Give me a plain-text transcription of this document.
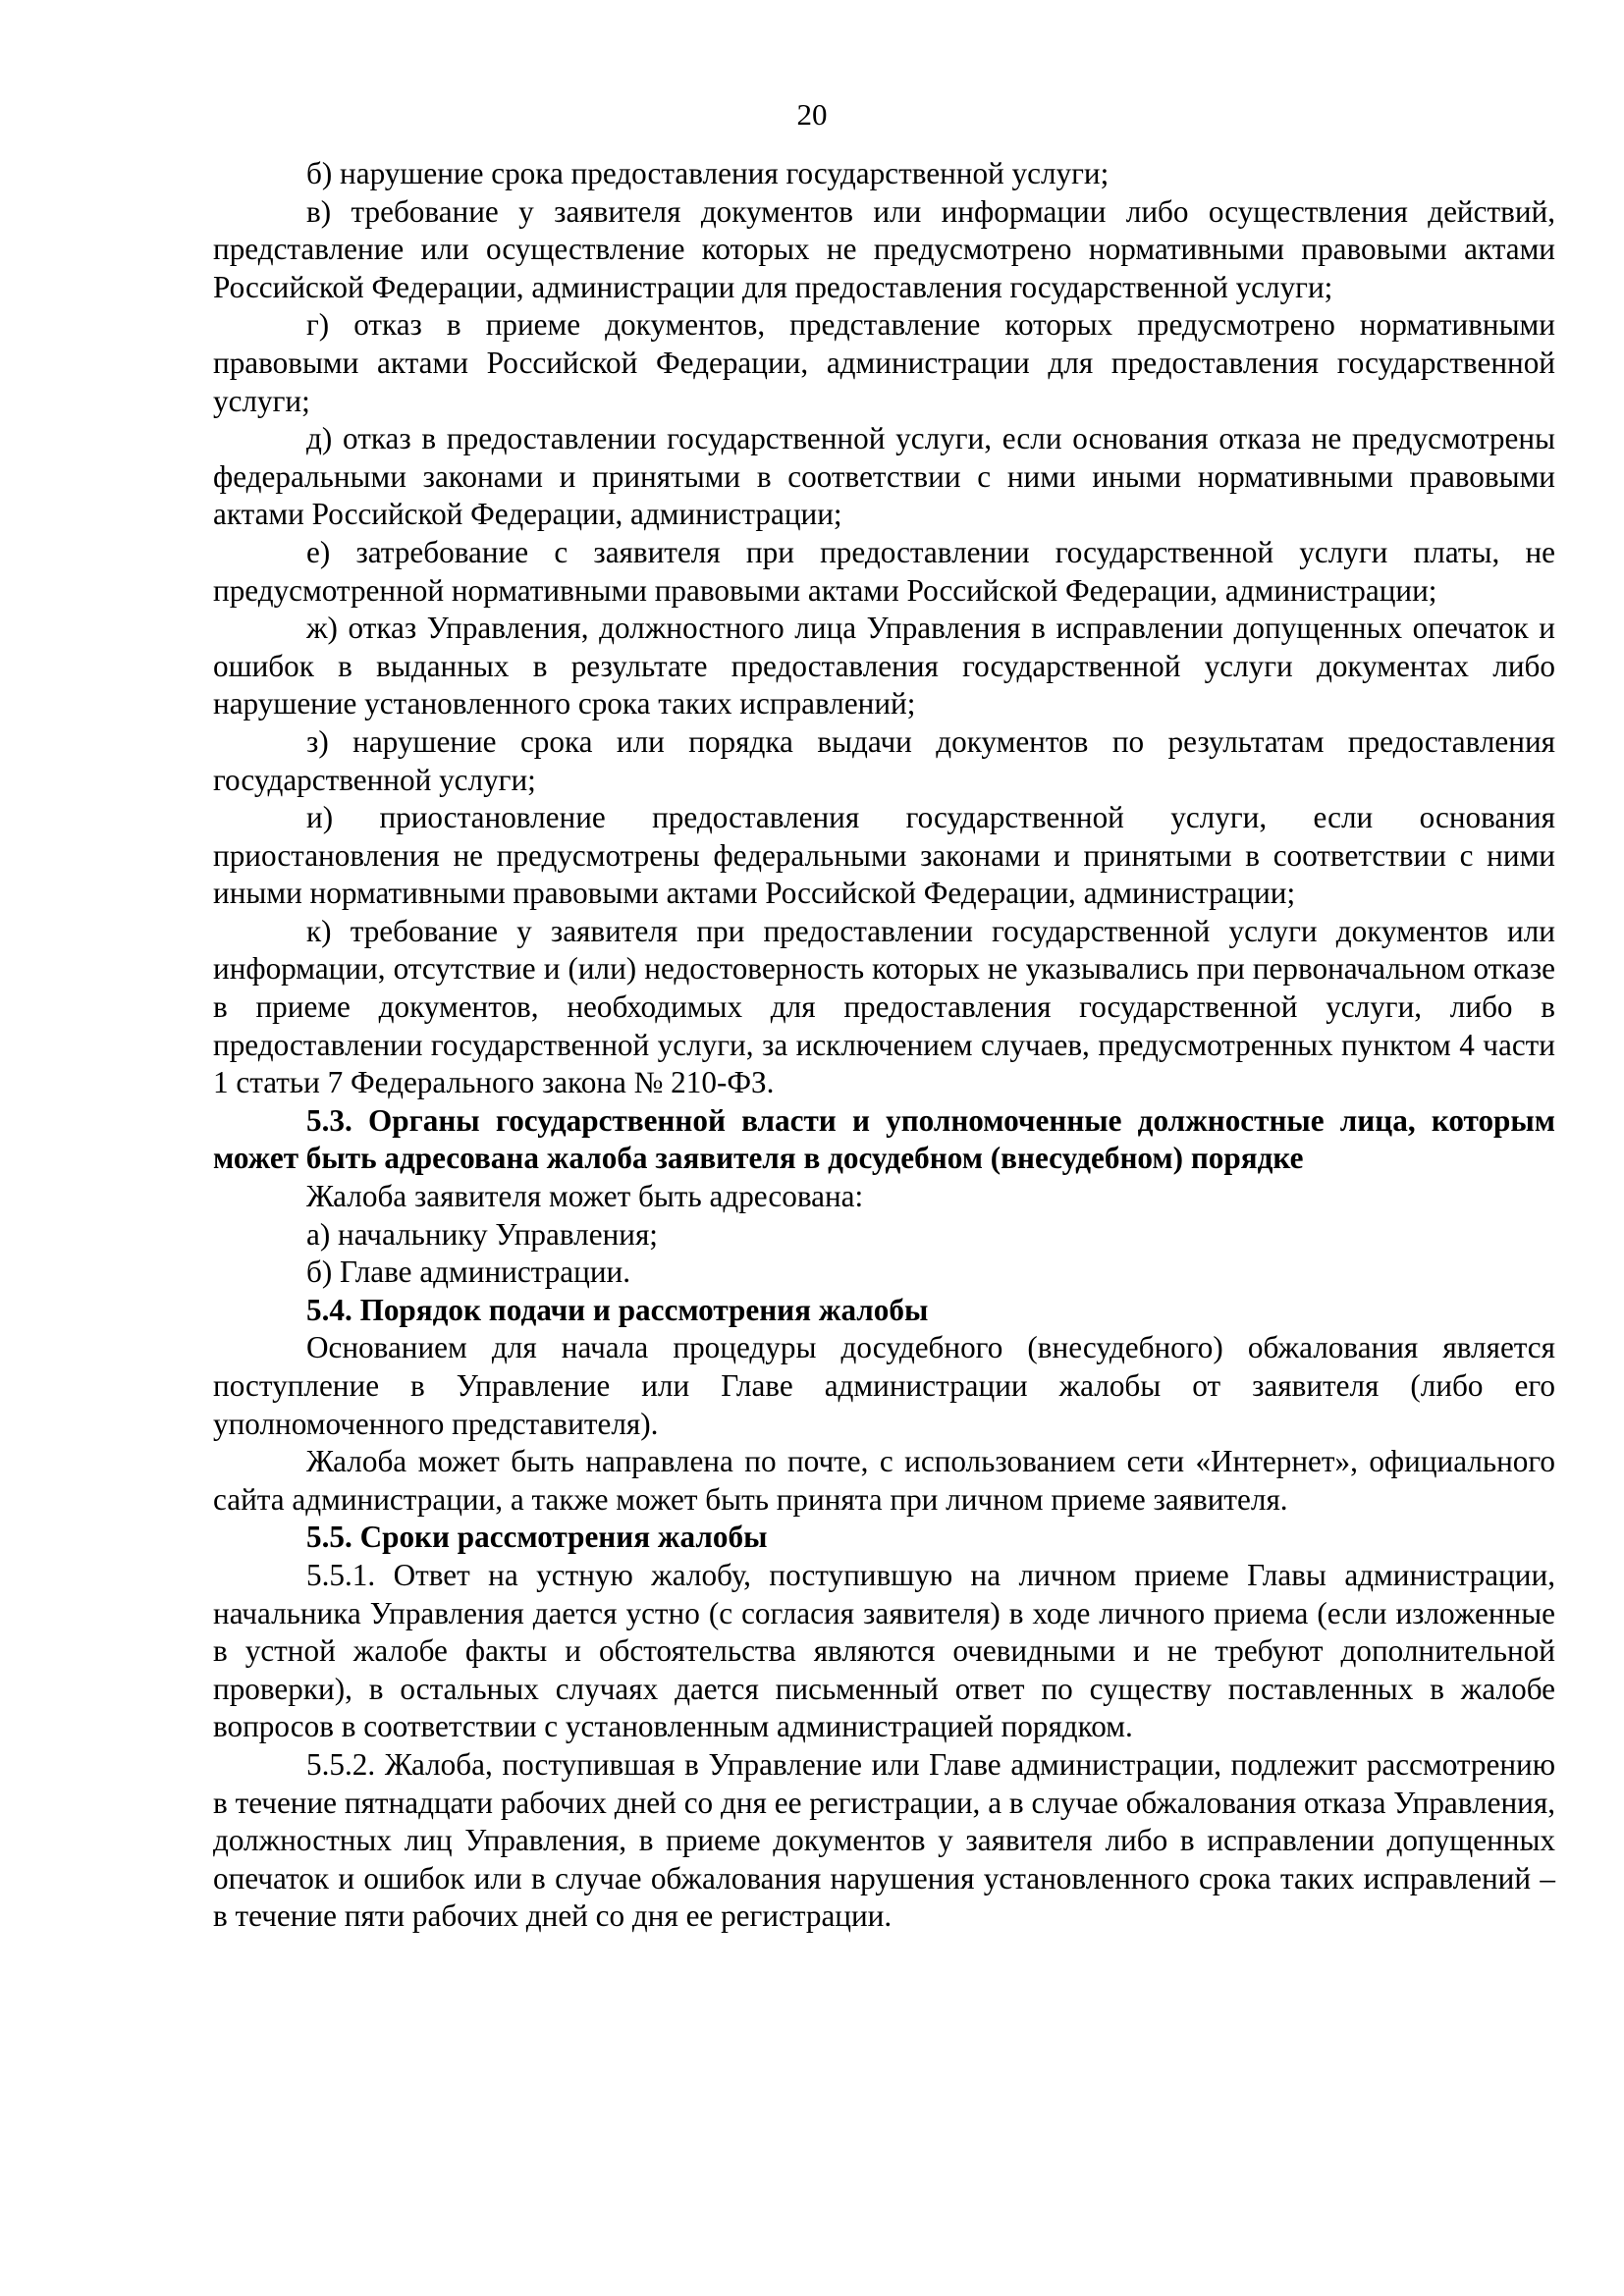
20

б) нарушение срока предоставления государственной услуги;

в) требование у заявителя документов или информации либо осуществления действий, представление или осуществление которых не предусмотрено нормативными правовыми актами Российской Федерации, администрации для предоставления государственной услуги;

г) отказ в приеме документов, представление которых предусмотрено нормативными правовыми актами Российской Федерации, администрации для предоставления государственной услуги;

д) отказ в предоставлении государственной услуги, если основания отказа не предусмотрены федеральными законами и принятыми в соответствии с ними иными нормативными правовыми актами Российской Федерации, администрации;

е) затребование с заявителя при предоставлении государственной услуги платы, не предусмотренной нормативными правовыми актами Российской Федерации, администрации;

ж) отказ Управления, должностного лица Управления в исправлении допущенных опечаток и ошибок в выданных в результате предоставления государственной услуги документах либо нарушение установленного срока таких исправлений;

з) нарушение срока или порядка выдачи документов по результатам предоставления государственной услуги;

и) приостановление предоставления государственной услуги, если основания приостановления не предусмотрены федеральными законами и принятыми в соответствии с ними иными нормативными правовыми актами Российской Федерации, администрации;

к) требование у заявителя при предоставлении государственной услуги документов или информации, отсутствие и (или) недостоверность которых не указывались при первоначальном отказе в приеме документов, необходимых для предоставления государственной услуги, либо в предоставлении государственной услуги, за исключением случаев, предусмотренных пунктом 4 части 1 статьи 7 Федерального закона № 210-ФЗ.

5.3. Органы государственной власти и уполномоченные должностные лица, которым может быть адресована жалоба заявителя в досудебном (внесудебном) порядке

Жалоба заявителя может быть адресована:

а) начальнику Управления;

б) Главе администрации.

5.4. Порядок подачи и рассмотрения жалобы

Основанием для начала процедуры досудебного (внесудебного) обжалования является поступление в Управление или Главе администрации жалобы от заявителя (либо его уполномоченного представителя).

Жалоба может быть направлена по почте, с использованием сети «Интернет», официального сайта администрации, а также может быть принята при личном приеме заявителя.

5.5. Сроки рассмотрения жалобы

5.5.1. Ответ на устную жалобу, поступившую на личном приеме Главы администрации, начальника Управления дается устно (с согласия заявителя) в ходе личного приема (если изложенные в устной жалобе факты и обстоятельства являются очевидными и не требуют дополнительной проверки), в остальных случаях дается письменный ответ по существу поставленных в жалобе вопросов в соответствии с установленным администрацией порядком.

5.5.2. Жалоба, поступившая в Управление или Главе администрации, подлежит рассмотрению в течение пятнадцати рабочих дней со дня ее регистрации, а в случае обжалования отказа Управления, должностных лиц Управления, в приеме документов у заявителя либо в исправлении допущенных опечаток и ошибок или в случае обжалования нарушения установленного срока таких исправлений – в течение пяти рабочих дней со дня ее регистрации.
